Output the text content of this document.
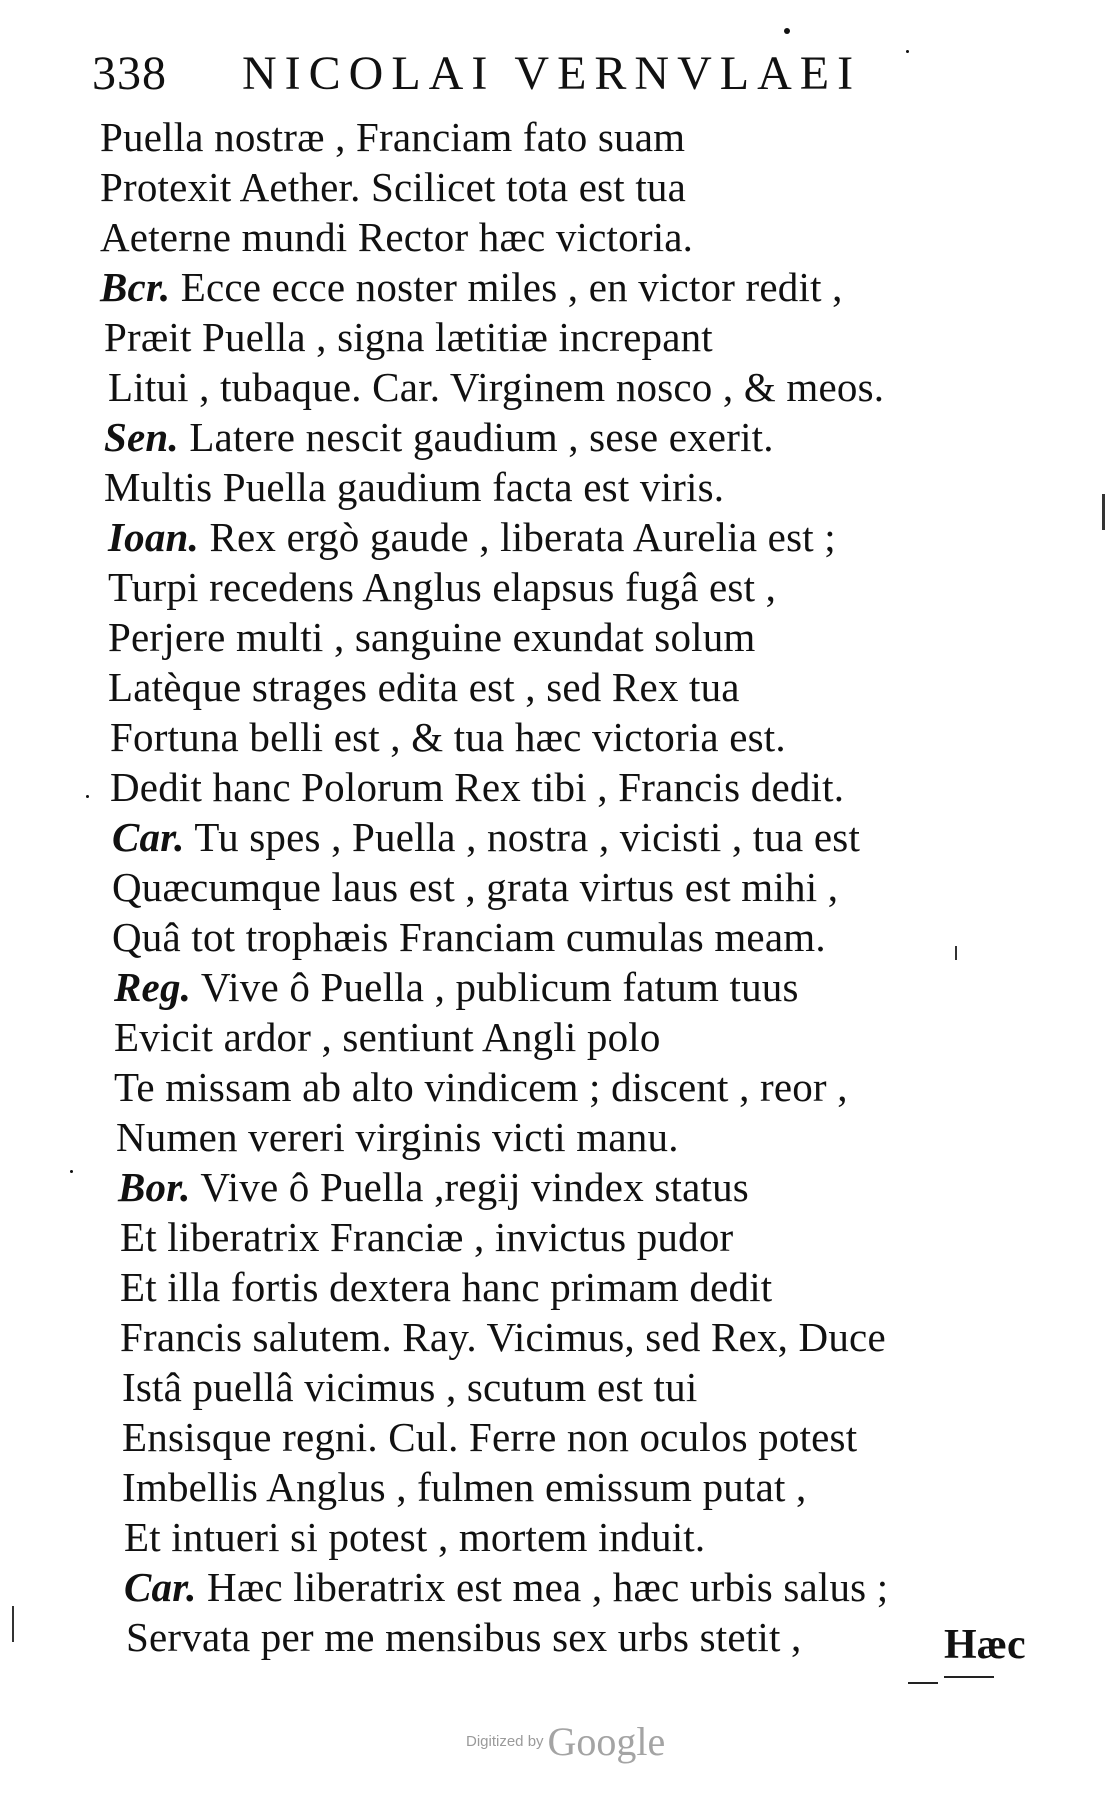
338 NICOLAI VERNVLAEI
Puella nostræ , Franciam fato suam
Protexit Aether. Scilicet tota est tua
Aeterne mundi Rector hæc victoria.
Bcr. Ecce ecce noster miles , en victor redit ,
Præit Puella , signa lætitiæ increpant
Litui , tubaque. Car. Virginem nosco , & meos.
Sen. Latere nescit gaudium , sese exerit.
Multis Puella gaudium facta est viris.
Ioan. Rex ergò gaude , liberata Aurelia est ;
Turpi recedens Anglus elapsus fugâ est ,
Perjere multi , sanguine exundat solum
Latèque strages edita est , sed Rex tua
Fortuna belli est , & tua hæc victoria est.
Dedit hanc Polorum Rex tibi , Francis dedit.
Car. Tu spes , Puella , nostra , vicisti , tua est
Quæcumque laus est , grata virtus est mihi ,
Quâ tot trophæis Franciam cumulas meam.
Reg. Vive ô Puella , publicum fatum tuus
Evicit ardor , sentiunt Angli polo
Te missam ab alto vindicem ; discent , reor ,
Numen vereri virginis victi manu.
Bor. Vive ô Puella ,regij vindex status
Et liberatrix Franciæ , invictus pudor
Et illa fortis dextera hanc primam dedit
Francis salutem. Ray. Vicimus, sed Rex, Duce
Istâ puellâ vicimus , scutum est tui
Ensisque regni. Cul. Ferre non oculos potest
Imbellis Anglus , fulmen emissum putat ,
Et intueri si potest , mortem induit.
Car. Hæc liberatrix est mea , hæc urbis salus ;
Servata per me mensibus sex urbs stetit ,	Hæc
Digitized by Google
